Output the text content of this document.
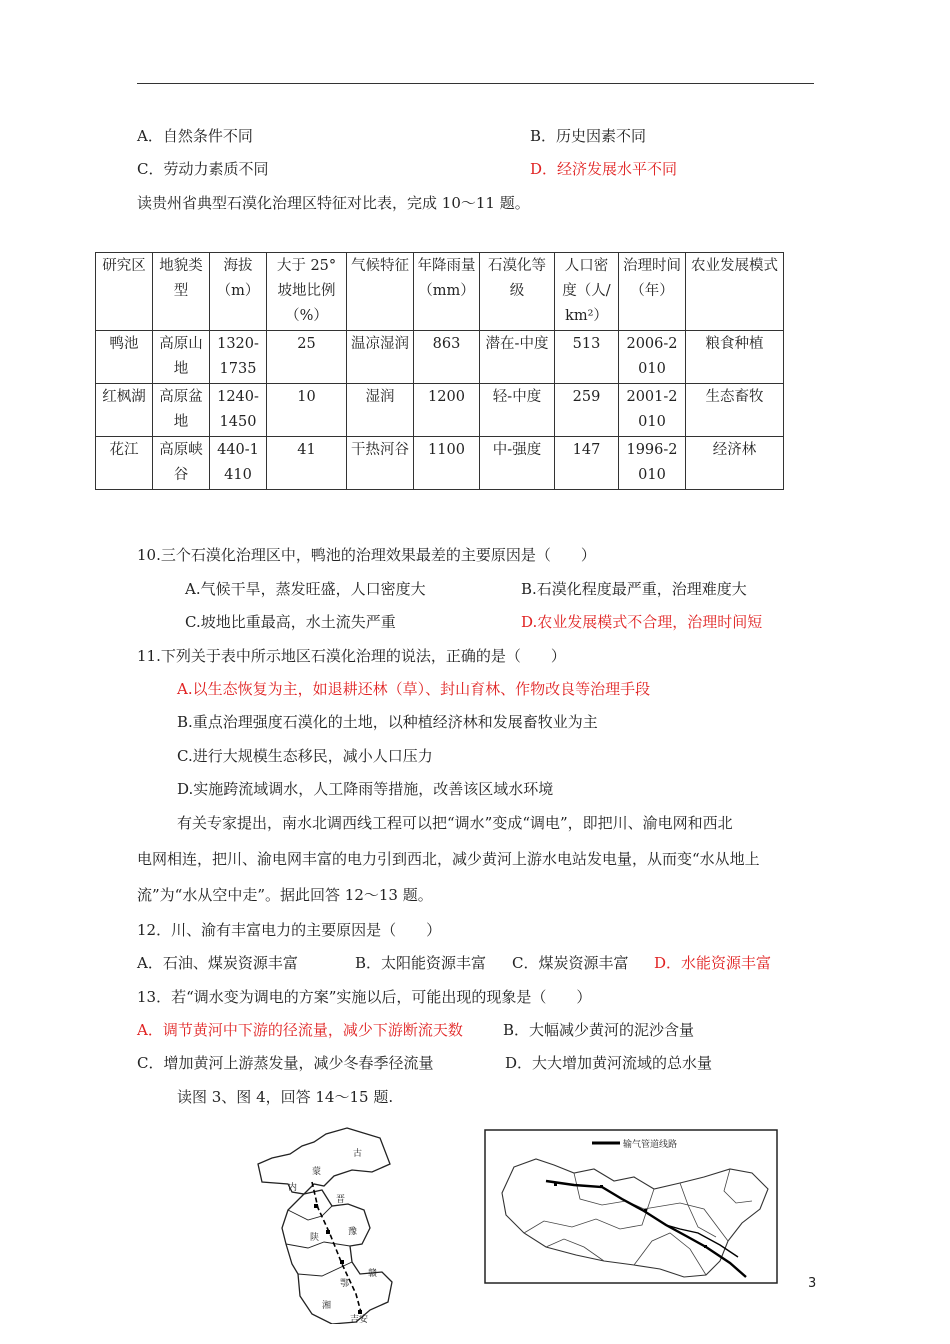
A．自然条件不同	B．历史因素不同
C．劳动力素质不同	D．经济发展水平不同
读贵州省典型石漠化治理区特征对比表，完成 10～11 题。
研究区	地貌类型	海拔（m）	大于 25°坡地比例（%）	气候特征	年降雨量（mm）	石漠化等级	人口密度（人/km²）	治理时间（年）	农业发展模式
鸭池	高原山地	1320-1735	25	温凉湿润	863	潜在-中度	513	2006-2010	粮食种植
红枫湖	高原盆地	1240-1450	10	湿润	1200	轻-中度	259	2001-2010	生态畜牧
花江	高原峡谷	440-1410	41	干热河谷	1100	中-强度	147	1996-2010	经济林
10.三个石漠化治理区中，鸭池的治理效果最差的主要原因是（　　）
A.气候干旱，蒸发旺盛，人口密度大	B.石漠化程度最严重，治理难度大
C.坡地比重最高，水土流失严重	D.农业发展模式不合理，治理时间短
11.下列关于表中所示地区石漠化治理的说法，正确的是（　　）
A.以生态恢复为主，如退耕还林（草）、封山育林、作物改良等治理手段
B.重点治理强度石漠化的土地，以种植经济林和发展畜牧业为主
C.进行大规模生态移民，减小人口压力
D.实施跨流域调水，人工降雨等措施，改善该区域水环境
有关专家提出，南水北调西线工程可以把“调水”变成“调电”，即把川、渝电网和西北
电网相连，把川、渝电网丰富的电力引到西北，减少黄河上游水电站发电量，从而变“水从地上
流”为“水从空中走”。据此回答 12～13 题。
12．川、渝有丰富电力的主要原因是（　　）
A．石油、煤炭资源丰富	B．太阳能资源丰富 C．煤炭资源丰富 D．水能资源丰富
13．若“调水变为调电的方案”实施以后，可能出现的现象是（　　）
A．调节黄河中下游的径流量，减少下游断流天数	B．大幅减少黄河的泥沙含量
C．增加黄河上游蒸发量，减少冬春季径流量	D．大大增加黄河流域的总水量
读图 3、图 4，回答 14～15 题.
古
蒙
内
晋
陕
豫
鄂
赣
湘
吉安
输气管道线路
3
